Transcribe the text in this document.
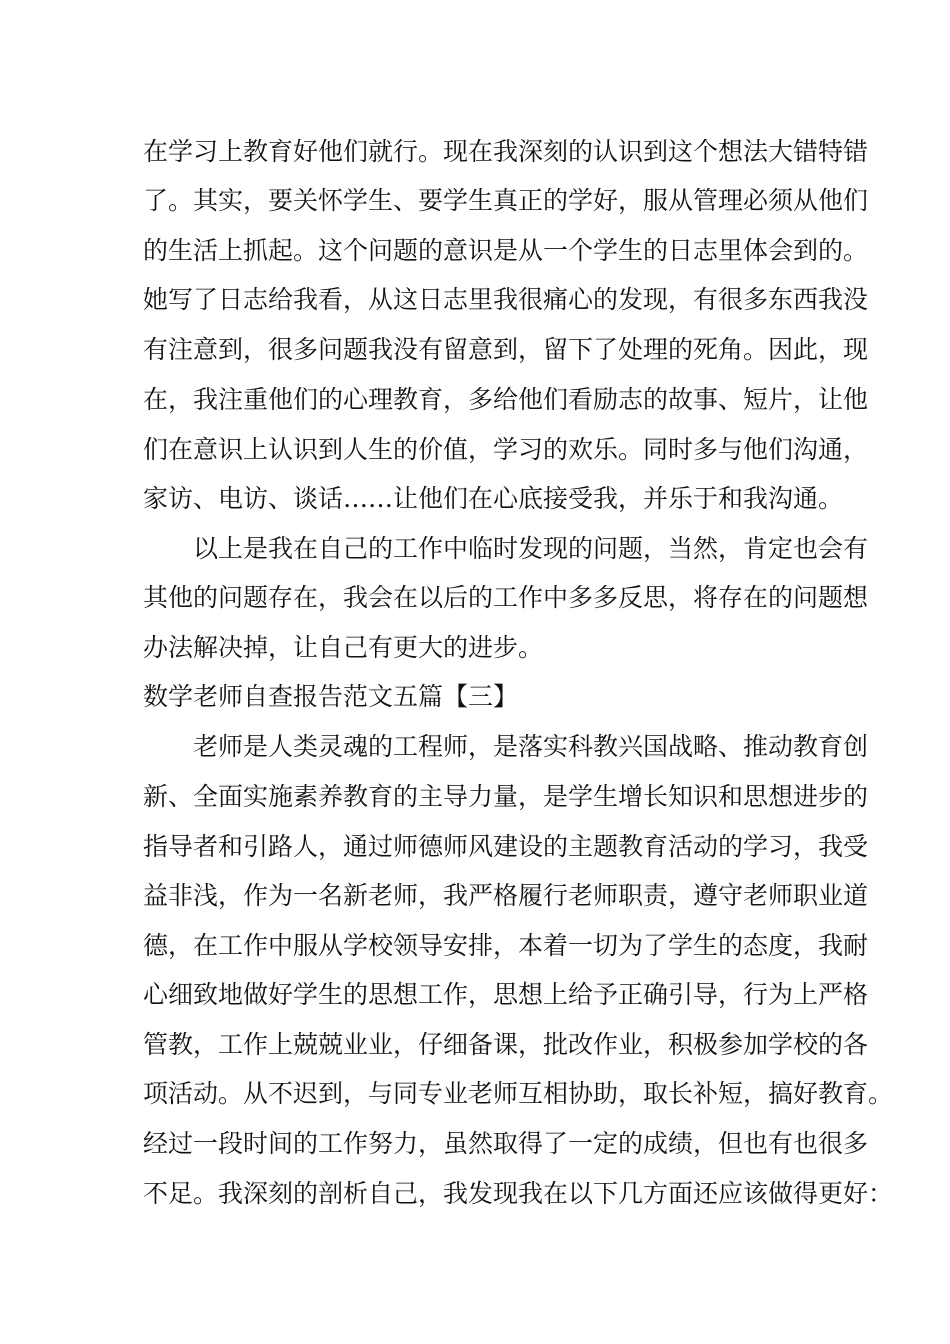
在学习上教育好他们就行。现在我深刻的认识到这个想法大错特错
了。其实，要关怀学生、要学生真正的学好，服从管理必须从他们
的生活上抓起。这个问题的意识是从一个学生的日志里体会到的。
她写了日志给我看，从这日志里我很痛心的发现，有很多东西我没
有注意到，很多问题我没有留意到，留下了处理的死角。因此，现
在，我注重他们的心理教育，多给他们看励志的故事、短片，让他
们在意识上认识到人生的价值，学习的欢乐。同时多与他们沟通，
家访、电访、谈话……让他们在心底接受我，并乐于和我沟通。
以上是我在自己的工作中临时发现的问题，当然，肯定也会有
其他的问题存在，我会在以后的工作中多多反思，将存在的问题想
办法解决掉，让自己有更大的进步。
数学老师自查报告范文五篇【三】
老师是人类灵魂的工程师，是落实科教兴国战略、推动教育创
新、全面实施素养教育的主导力量，是学生增长知识和思想进步的
指导者和引路人，通过师德师风建设的主题教育活动的学习，我受
益非浅，作为一名新老师，我严格履行老师职责，遵守老师职业道
德，在工作中服从学校领导安排，本着一切为了学生的态度，我耐
心细致地做好学生的思想工作，思想上给予正确引导，行为上严格
管教，工作上兢兢业业，仔细备课，批改作业，积极参加学校的各
项活动。从不迟到，与同专业老师互相协助，取长补短，搞好教育。
经过一段时间的工作努力，虽然取得了一定的成绩，但也有也很多
不足。我深刻的剖析自己，我发现我在以下几方面还应该做得更好：
